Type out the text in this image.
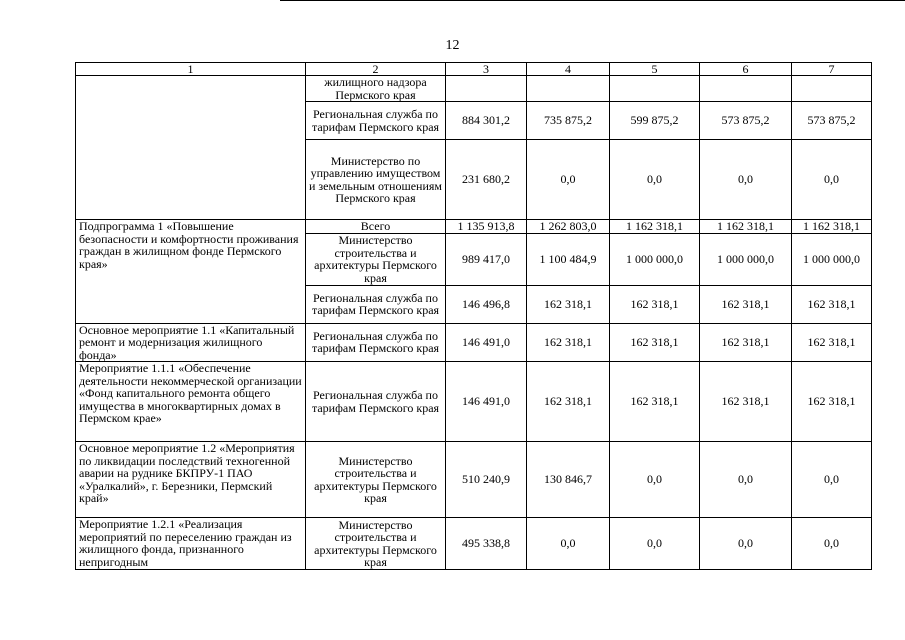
12
1	2	3	4	5	6	7
	жилищного надзора Пермского края					
	Региональная служба по тарифам Пермского края	884 301,2	735 875,2	599 875,2	573 875,2	573 875,2
	Министерство по управлению имуществом и земельным отношениям Пермского края	231 680,2	0,0	0,0	0,0	0,0
Подпрограмма 1 «Повышение безопасности и комфортности проживания граждан в жилищном фонде Пермского края»	Всего	1 135 913,8	1 262 803,0	1 162 318,1	1 162 318,1	1 162 318,1
	Министерство строительства и архитектуры Пермского края	989 417,0	1 100 484,9	1 000 000,0	1 000 000,0	1 000 000,0
	Региональная служба по тарифам Пермского края	146 496,8	162 318,1	162 318,1	162 318,1	162 318,1
Основное мероприятие 1.1 «Капитальный ремонт и модернизация жилищного фонда»	Региональная служба по тарифам Пермского края	146 491,0	162 318,1	162 318,1	162 318,1	162 318,1
Мероприятие 1.1.1 «Обеспечение деятельности некоммерческой организации «Фонд капитального ремонта общего имущества в многоквартирных домах в Пермском крае»	Региональная служба по тарифам Пермского края	146 491,0	162 318,1	162 318,1	162 318,1	162 318,1
Основное мероприятие 1.2 «Мероприятия по ликвидации последствий техногенной аварии на руднике БКПРУ-1 ПАО «Уралкалий», г. Березники, Пермский край»	Министерство строительства и архитектуры Пермского края	510 240,9	130 846,7	0,0	0,0	0,0
Мероприятие 1.2.1 «Реализация мероприятий по переселению граждан из жилищного фонда, признанного непригодным	Министерство строительства и архитектуры Пермского края	495 338,8	0,0	0,0	0,0	0,0
